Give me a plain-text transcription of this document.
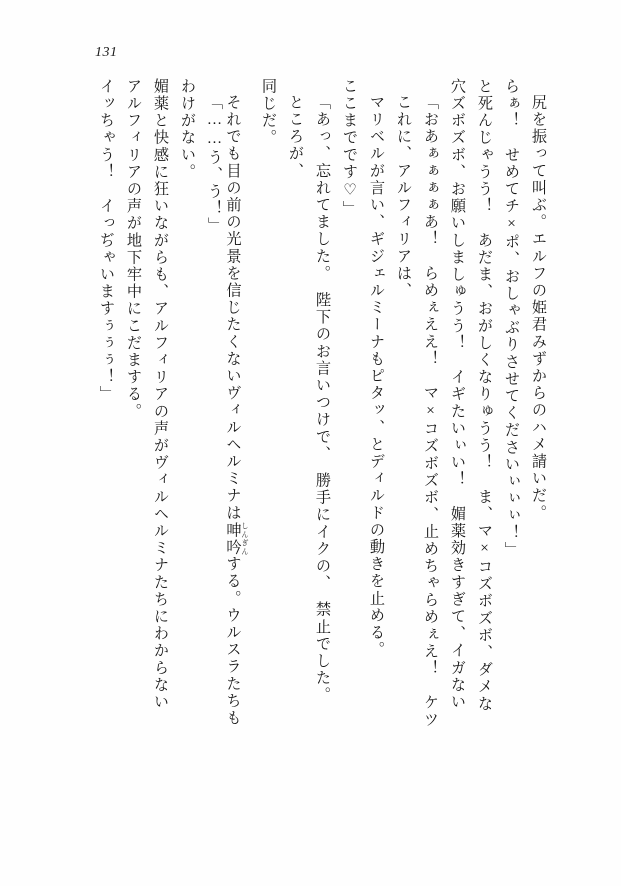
131
イッちゃう！　イっぢゃいますぅぅぅ！」 アルフィリアの声が地下牢中にこだまする。 媚薬と快感に狂いながらも、アルフィリアの声がヴィルヘルミナたちにわからない わけがない。 「……う、う！」 それでも目の前の光景を信じたくないヴィルヘルミナは呻吟 しんぎんする。ウルスラたちも
同じだ。 ところが、 「あっ、忘れてました。　陛下のお言いつけで、　勝手にイクの、　禁止でした。 ここまでです♡」 マリベルが言い、ギジェルミーナもピタッ、とディルドの動きを止める。 これに、アルフィリアは、 「おあぁぁぁぁあ！　らめぇええ！　マ×コズボズボ、止めちゃらめぇえ！　ケツ 穴ズボズボ、お願いしましゅうう！　イギたいぃい！　媚薬効きすぎて、イガない と死んじゃうう！　あだま、おがしくなりゅうう！　ま、マ×コズボズボ、ダメな らぁ！　せめてチ×ポ、おしゃぶりさせてくださいぃぃぃ！」 尻を振って叫ぶ。エルフの姫君みずからのハメ請いだ。
